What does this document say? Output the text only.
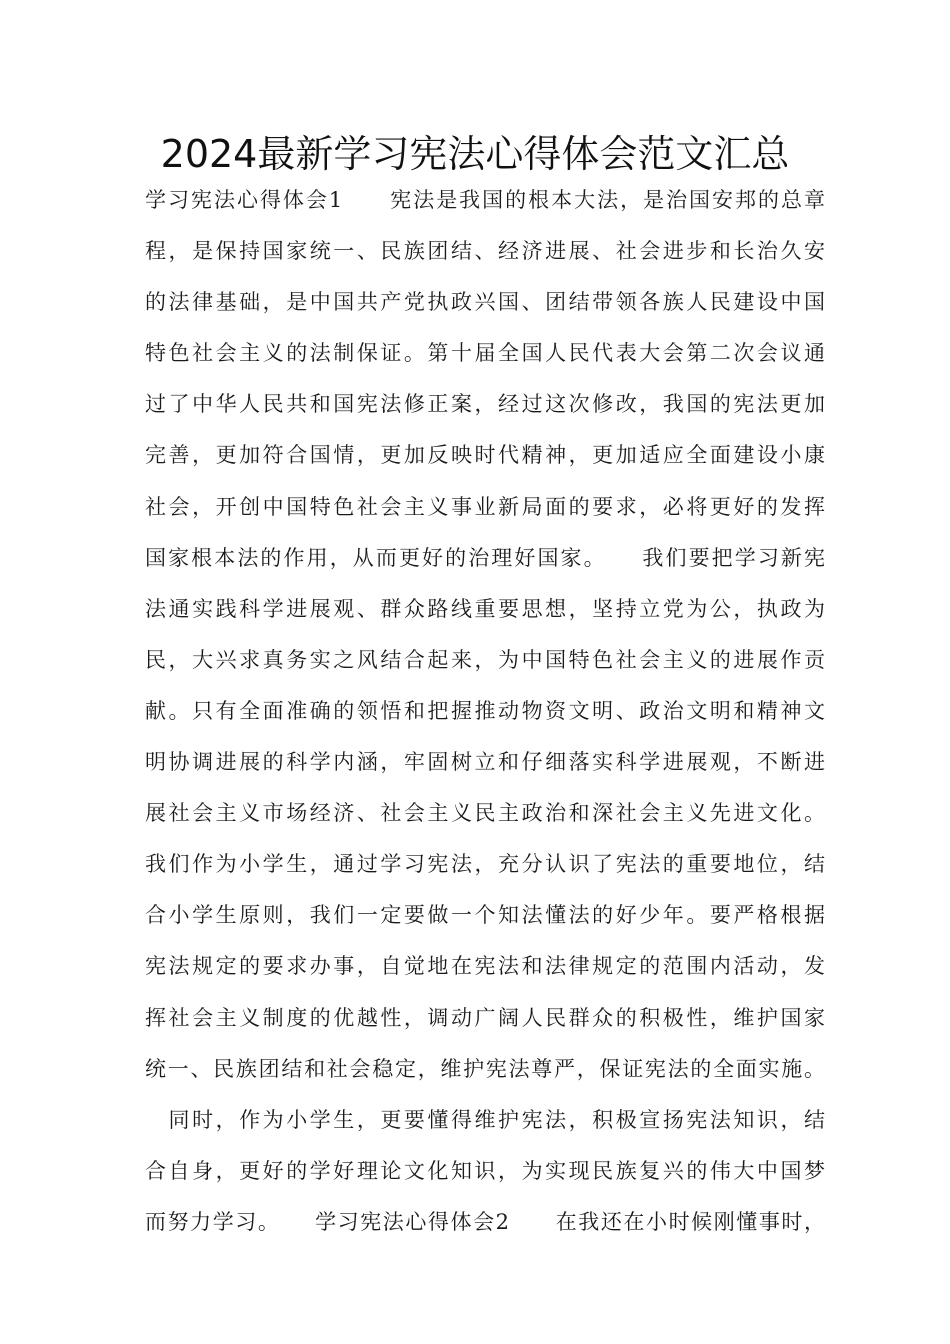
2024最新学习宪法心得体会范文汇总
学习宪法心得体会1　　宪法是我国的根本大法，是治国安邦的总章
程，是保持国家统一、民族团结、经济进展、社会进步和长治久安
的法律基础，是中国共产党执政兴国、团结带领各族人民建设中国
特色社会主义的法制保证。第十届全国人民代表大会第二次会议通
过了中华人民共和国宪法修正案，经过这次修改，我国的宪法更加
完善，更加符合国情，更加反映时代精神，更加适应全面建设小康
社会，开创中国特色社会主义事业新局面的要求，必将更好的发挥
国家根本法的作用，从而更好的治理好国家。　　我们要把学习新宪
法通实践科学进展观、群众路线重要思想，坚持立党为公，执政为
民，大兴求真务实之风结合起来，为中国特色社会主义的进展作贡
献。只有全面准确的领悟和把握推动物资文明、政治文明和精神文
明协调进展的科学内涵，牢固树立和仔细落实科学进展观，不断进
展社会主义市场经济、社会主义民主政治和深社会主义先进文化。
我们作为小学生，通过学习宪法，充分认识了宪法的重要地位，结
合小学生原则，我们一定要做一个知法懂法的好少年。要严格根据
宪法规定的要求办事，自觉地在宪法和法律规定的范围内活动，发
挥社会主义制度的优越性，调动广阔人民群众的积极性，维护国家
统一、民族团结和社会稳定，维护宪法尊严，保证宪法的全面实施。
　同时，作为小学生，更要懂得维护宪法，积极宣扬宪法知识，结
合自身，更好的学好理论文化知识，为实现民族复兴的伟大中国梦
而努力学习。　　学习宪法心得体会2　　在我还在小时候刚懂事时，
